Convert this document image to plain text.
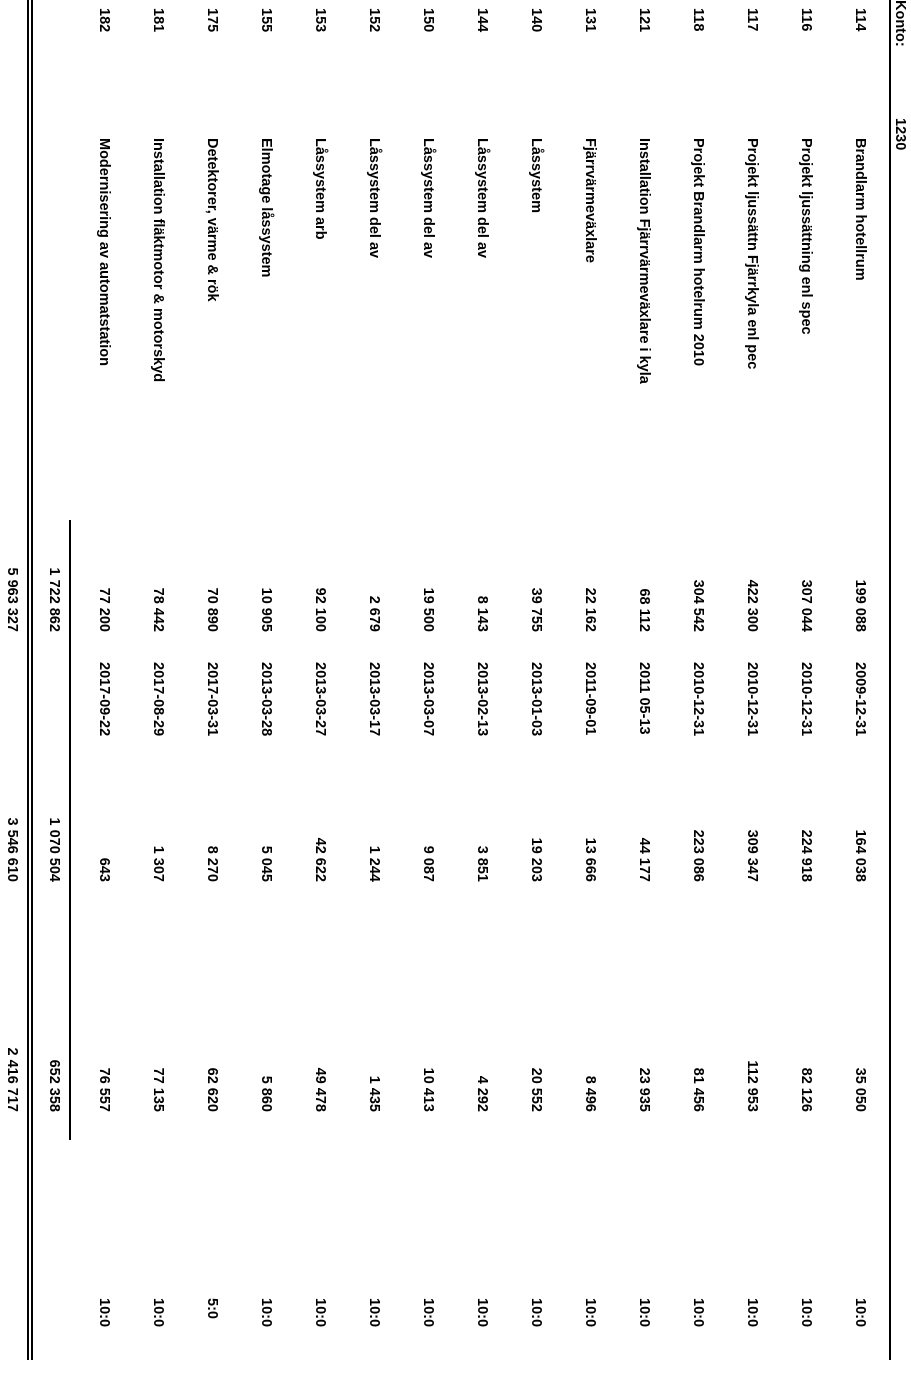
Konto:
1230
114
Brandlarm hotellrum
199 088
2009-12-31
164 038
35 050
10:0
116
Projekt ljussättning enl spec
307 044
2010-12-31
224 918
82 126
10:0
117
Projekt ljussättn Fjärrkyla enl pec
422 300
2010-12-31
309 347
112 953
10:0
118
Projekt Brandlarm hotelrum 2010
304 542
2010-12-31
223 086
81 456
10:0
121
Installation Fjärrvärmeväxlare i kyla
68 112
2011 05-13
44 177
23 935
10:0
131
Fjärrvärmeväxlare
22 162
2011-09-01
13 666
8 496
10:0
140
Låssystem
39 755
2013-01-03
19 203
20 552
10:0
144
Låssystem del av
8 143
2013-02-13
3 851
4 292
10:0
150
Låssystem del av
19 500
2013-03-07
9 087
10 413
10:0
152
Låssystem del av
2 679
2013-03-17
1 244
1 435
10:0
153
Låssystem arb
92 100
2013-03-27
42 622
49 478
10:0
155
Elmotage låssystem
10 905
2013-03-28
5 045
5 860
10:0
175
Detektorer, värme & rök
70 890
2017-03-31
8 270
62 620
5:0
181
Installation fläktmotor & motorskyd
78 442
2017-08-29
1 307
77 135
10:0
182
Modernisering av automatstation
77 200
2017-09-22
643
76 557
10:0
1 722 862
1 070 504
652 358
5 963 327
3 546 610
2 416 717
